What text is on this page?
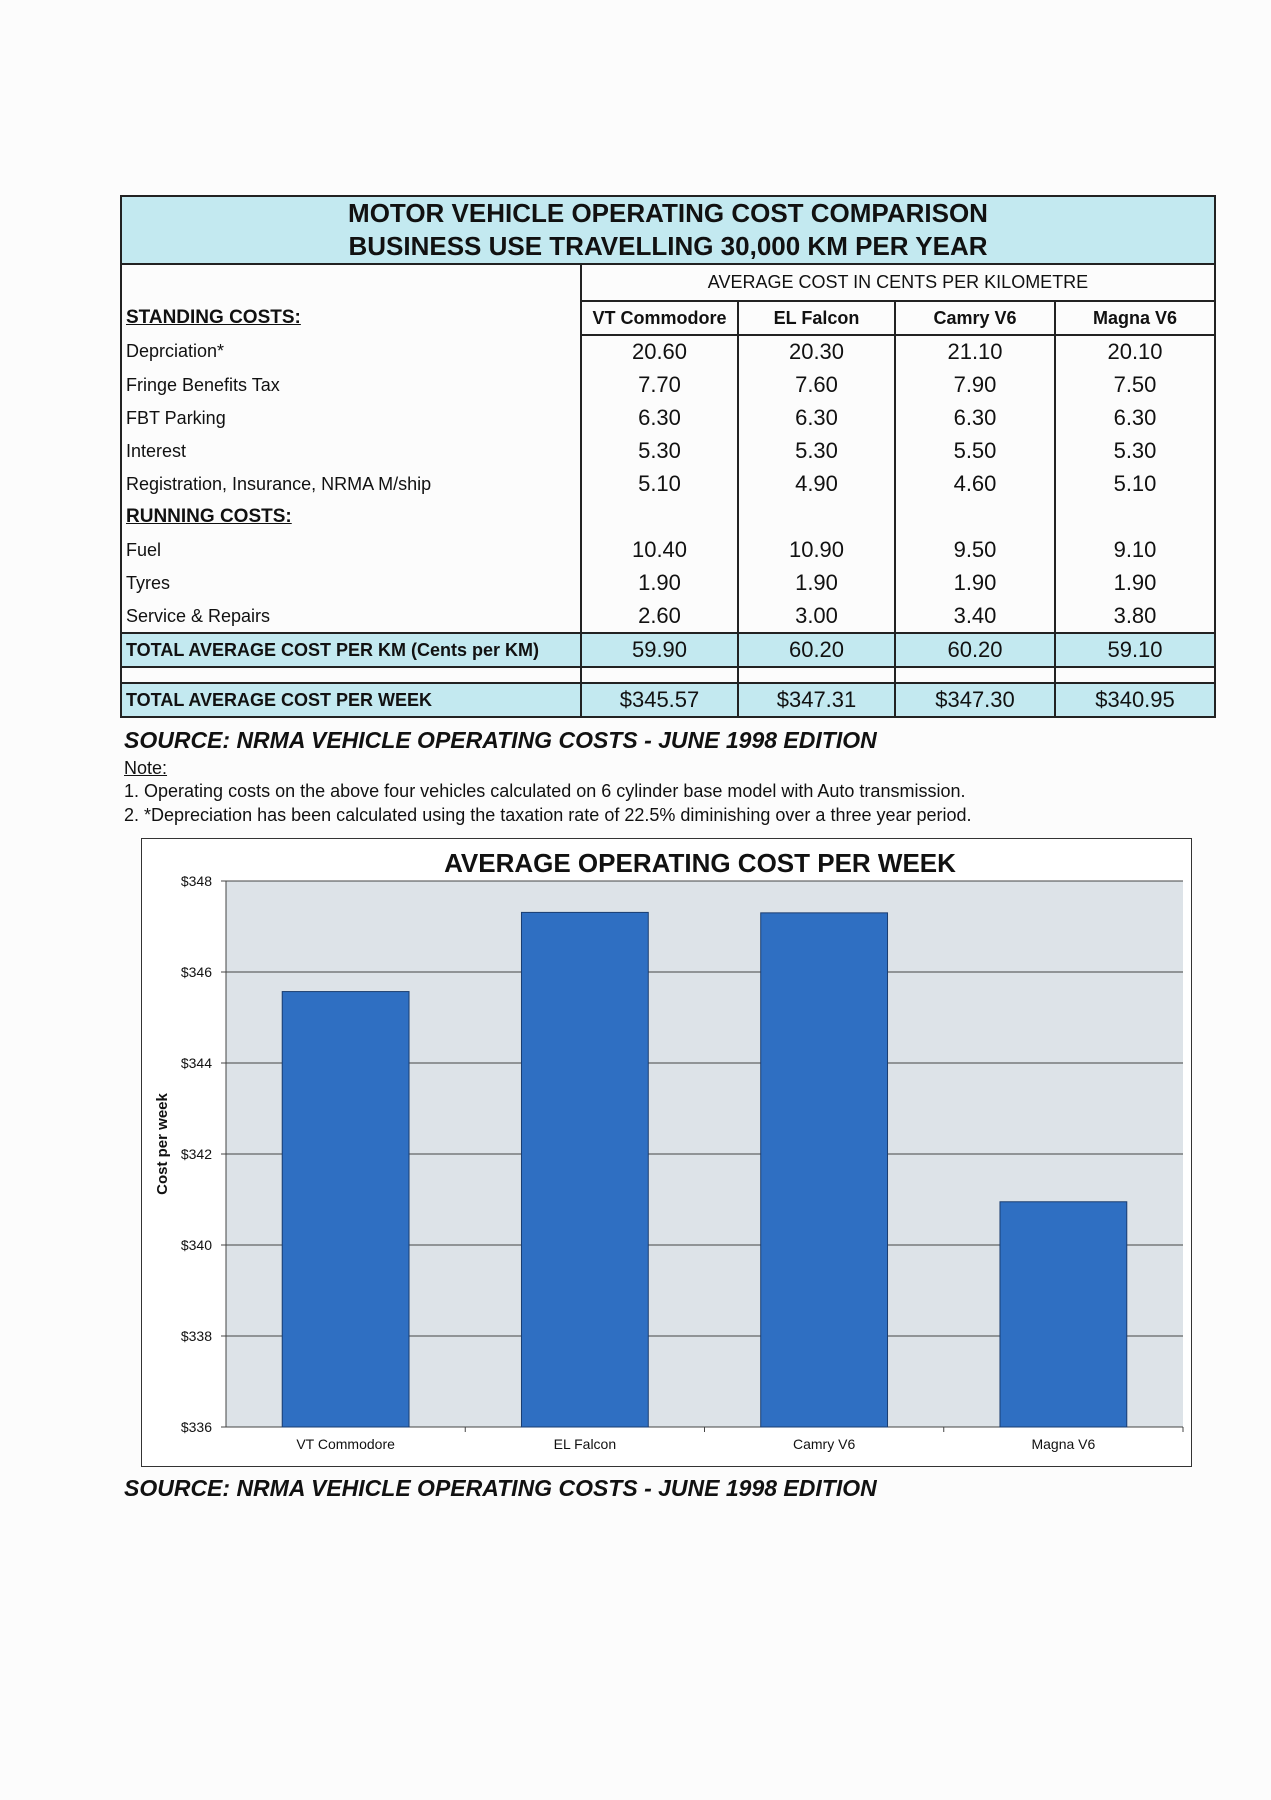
MOTOR VEHICLE OPERATING COST COMPARISON
BUSINESS USE TRAVELLING 30,000 KM PER YEAR				

	AVERAGE COST IN CENTS PER KILOMETRE			
STANDING COSTS:	VT Commodore	EL Falcon	Camry V6	Magna V6
Deprciation*	20.60	20.30	21.10	20.10
Fringe Benefits Tax	7.70	7.60	7.90	7.50
FBT Parking	6.30	6.30	6.30	6.30
Interest	5.30	5.30	5.50	5.30
Registration, Insurance, NRMA M/ship	5.10	4.90	4.60	5.10
RUNNING COSTS:				
Fuel	10.40	10.90	9.50	9.10
Tyres	1.90	1.90	1.90	1.90
Service & Repairs	2.60	3.00	3.40	3.80
TOTAL AVERAGE COST PER KM (Cents per KM)	59.90	60.20	60.20	59.10

TOTAL AVERAGE COST PER WEEK	$345.57	$347.31	$347.30	$340.95

SOURCE: NRMA VEHICLE OPERATING COSTS - JUNE 1998 EDITION

Note:

1. Operating costs on the above four vehicles calculated on 6 cylinder base model with Auto transmission.

2. *Depreciation has been calculated using the taxation rate of 22.5% diminishing over a three year period.

$336
$338
$340
$342
$344
$346
$348
VT Commodore	EL Falcon	Camry V6	Magna V6
AVERAGE OPERATING COST PER WEEK
Cost per week

SOURCE: NRMA VEHICLE OPERATING COSTS - JUNE 1998 EDITION
